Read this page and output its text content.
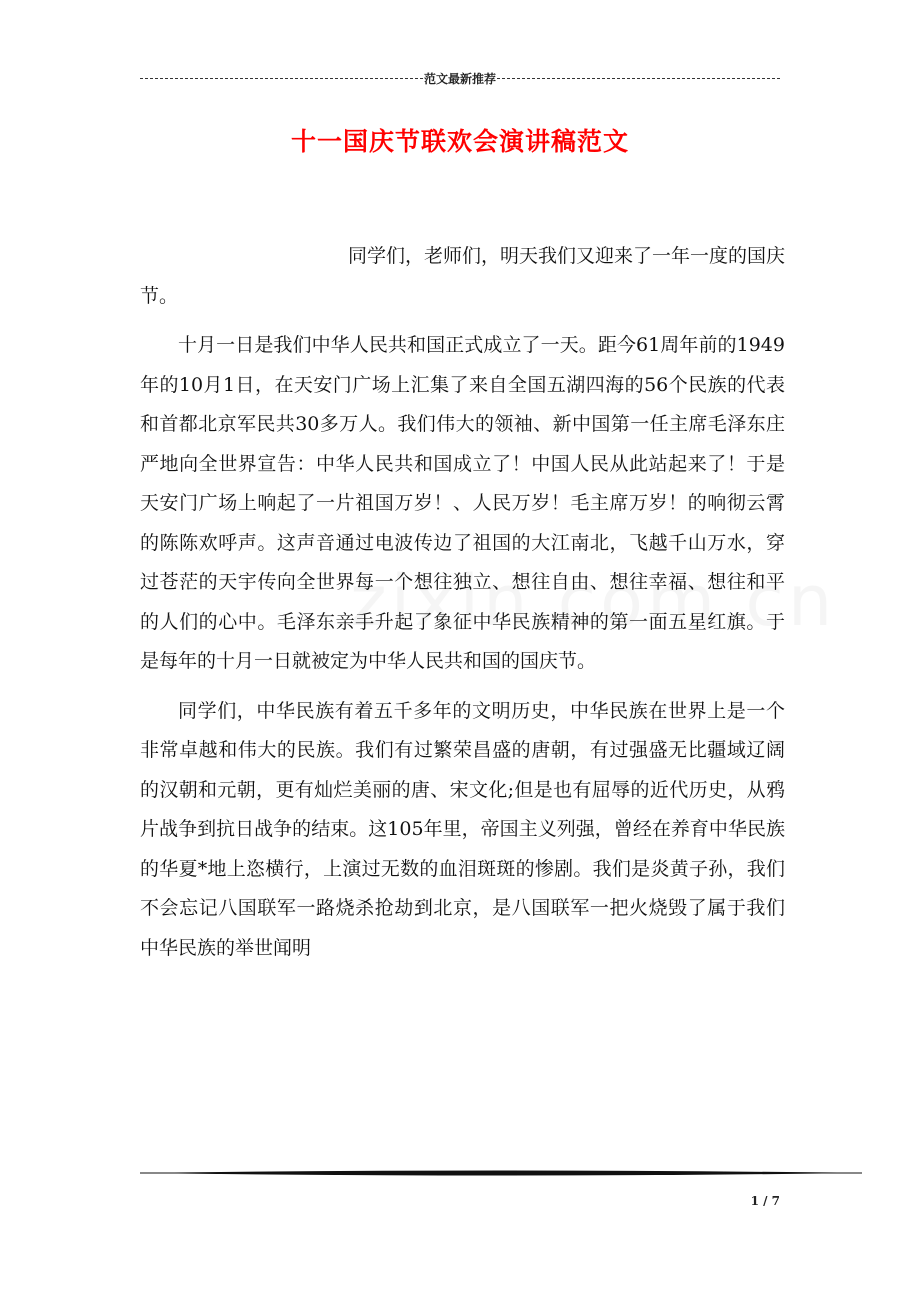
范文最新推荐
十一国庆节联欢会演讲稿范文

同学们，老师们，明天我们又迎来了一年一度的国庆节。

十月一日是我们中华人民共和国正式成立了一天。距今61周年前的1949年的10月1日，在天安门广场上汇集了来自全国五湖四海的56个民族的代表和首都北京军民共30多万人。我们伟大的领袖、新中国第一任主席毛泽东庄严地向全世界宣告：中华人民共和国成立了！中国人民从此站起来了！于是天安门广场上响起了一片祖国万岁！、人民万岁！毛主席万岁！的响彻云霄的陈陈欢呼声。这声音通过电波传边了祖国的大江南北，飞越千山万水，穿过苍茫的天宇传向全世界每一个想往独立、想往自由、想往幸福、想往和平的人们的心中。毛泽东亲手升起了象征中华民族精神的第一面五星红旗。于是每年的十月一日就被定为中华人民共和国的国庆节。

同学们，中华民族有着五千多年的文明历史，中华民族在世界上是一个非常卓越和伟大的民族。我们有过繁荣昌盛的唐朝，有过强盛无比疆域辽阔的汉朝和元朝，更有灿烂美丽的唐、宋文化;但是也有屈辱的近代历史，从鸦片战争到抗日战争的结束。这105年里，帝国主义列强，曾经在养育中华民族的华夏*地上恣横行，上演过无数的血泪斑斑的惨剧。我们是炎黄子孙，我们不会忘记八国联军一路烧杀抢劫到北京，是八国联军一把火烧毁了属于我们中华民族的举世闻明

1 / 7
